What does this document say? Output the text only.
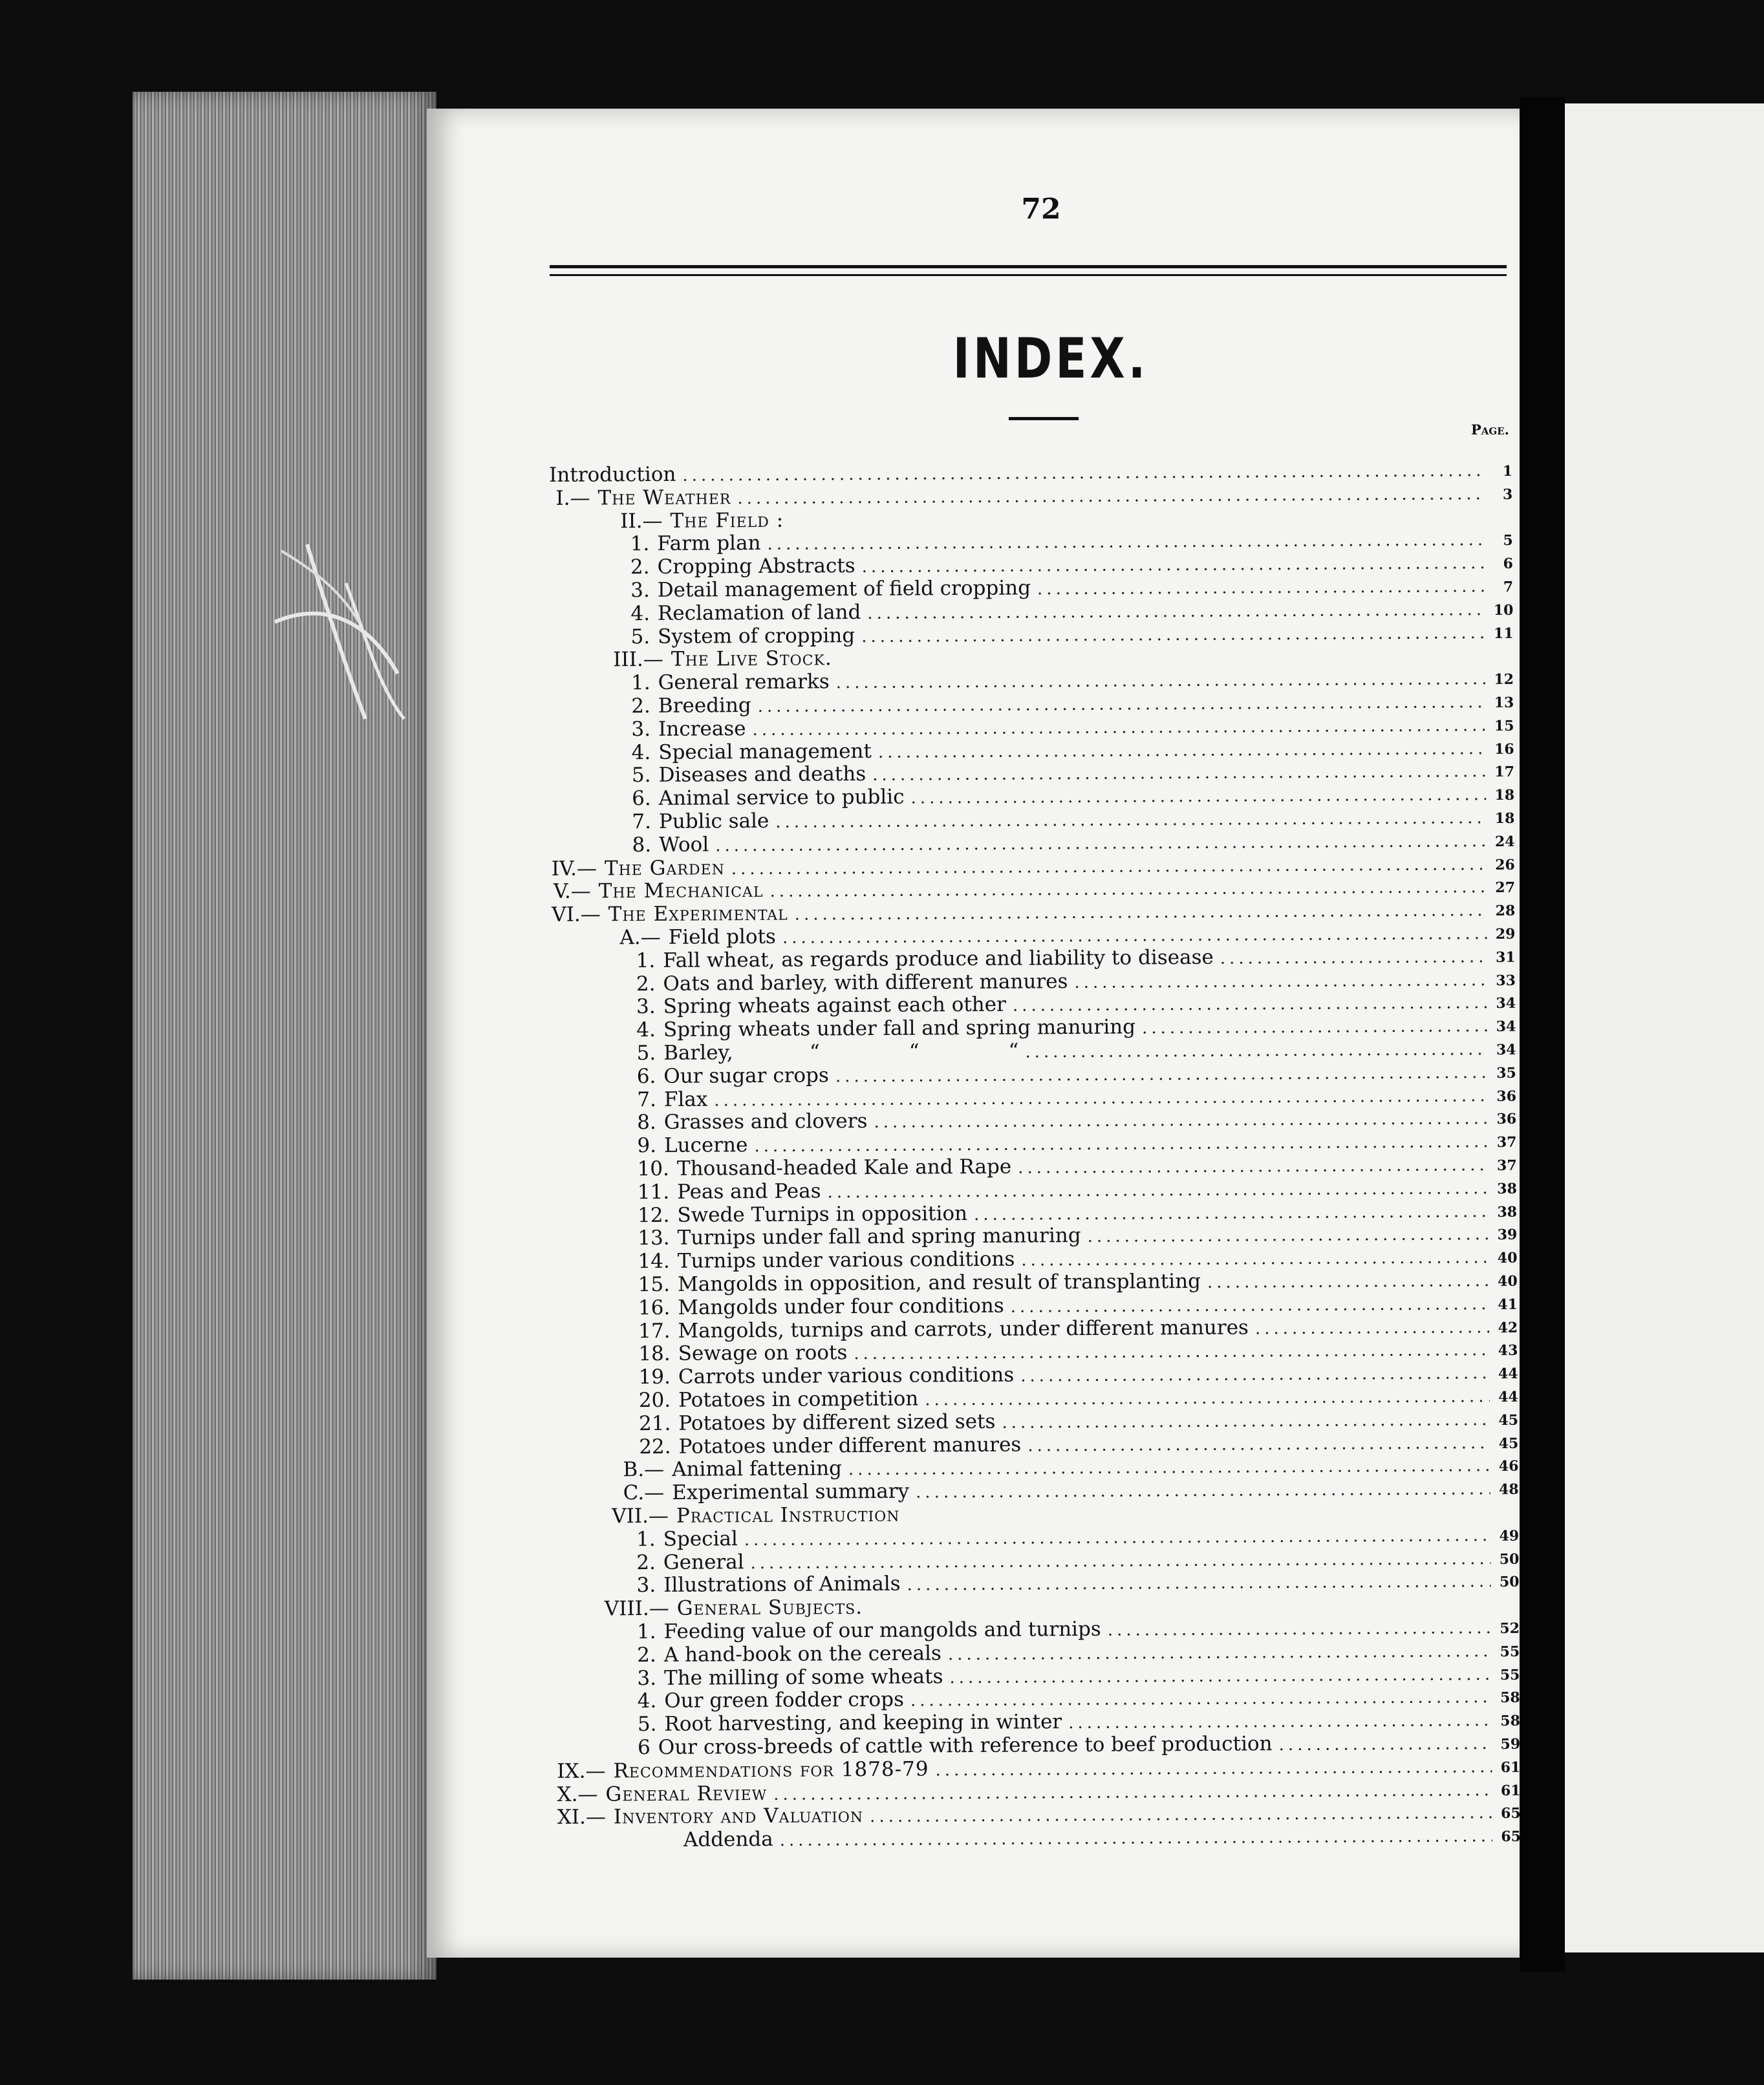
72
INDEX.
Page.
Introduction .....	1
I.— The Weather .....	3
II.— The Field :
1. Farm plan .....	5
2. Cropping Abstracts .....	6
3. Detail management of field cropping .....	7
4. Reclamation of land .....	10
5. System of cropping .....	11
III.— The Live Stock.
1. General remarks .....	12
2. Breeding .....	13
3. Increase .....	15
4. Special management .....	16
5. Diseases and deaths .....	17
6. Animal service to public .....	18
7. Public sale .....	18
8. Wool .....	24
IV.— The Garden .....	26
V.— The Mechanical .....	27
VI.— The Experimental .....	28
A.— Field plots .....	29
1. Fall wheat, as regards produce and liability to disease .....	31
2. Oats and barley, with different manures .....	33
3. Spring wheats against each other .....	34
4. Spring wheats under fall and spring manuring .....	34
5. Barley,            “              “              “ .....	34
6. Our sugar crops .....	35
7. Flax .....	36
8. Grasses and clovers .....	36
9. Lucerne .....	37
10. Thousand-headed Kale and Rape .....	37
11. Peas and Peas .....	38
12. Swede Turnips in opposition .....	38
13. Turnips under fall and spring manuring .....	39
14. Turnips under various conditions .....	40
15. Mangolds in opposition, and result of transplanting .....	40
16. Mangolds under four conditions .....	41
17. Mangolds, turnips and carrots, under different manures .....	42
18. Sewage on roots .....	43
19. Carrots under various conditions .....	44
20. Potatoes in competition .....	44
21. Potatoes by different sized sets .....	45
22. Potatoes under different manures .....	45
B.— Animal fattening .....	46
C.— Experimental summary .....	48
VII.— Practical Instruction
1. Special .....	49
2. General .....	50
3. Illustrations of Animals .....	50
VIII.— General Subjects.
1. Feeding value of our mangolds and turnips .....	52
2. A hand-book on the cereals .....	55
3. The milling of some wheats .....	55
4. Our green fodder crops .....	58
5. Root harvesting, and keeping in winter .....	58
6 Our cross-breeds of cattle with reference to beef production .....	59
IX.— Recommendations for 1878-79 .....	61
X.— General Review .....	61
XI.— Inventory and Valuation .....	65
Addenda .....	65
